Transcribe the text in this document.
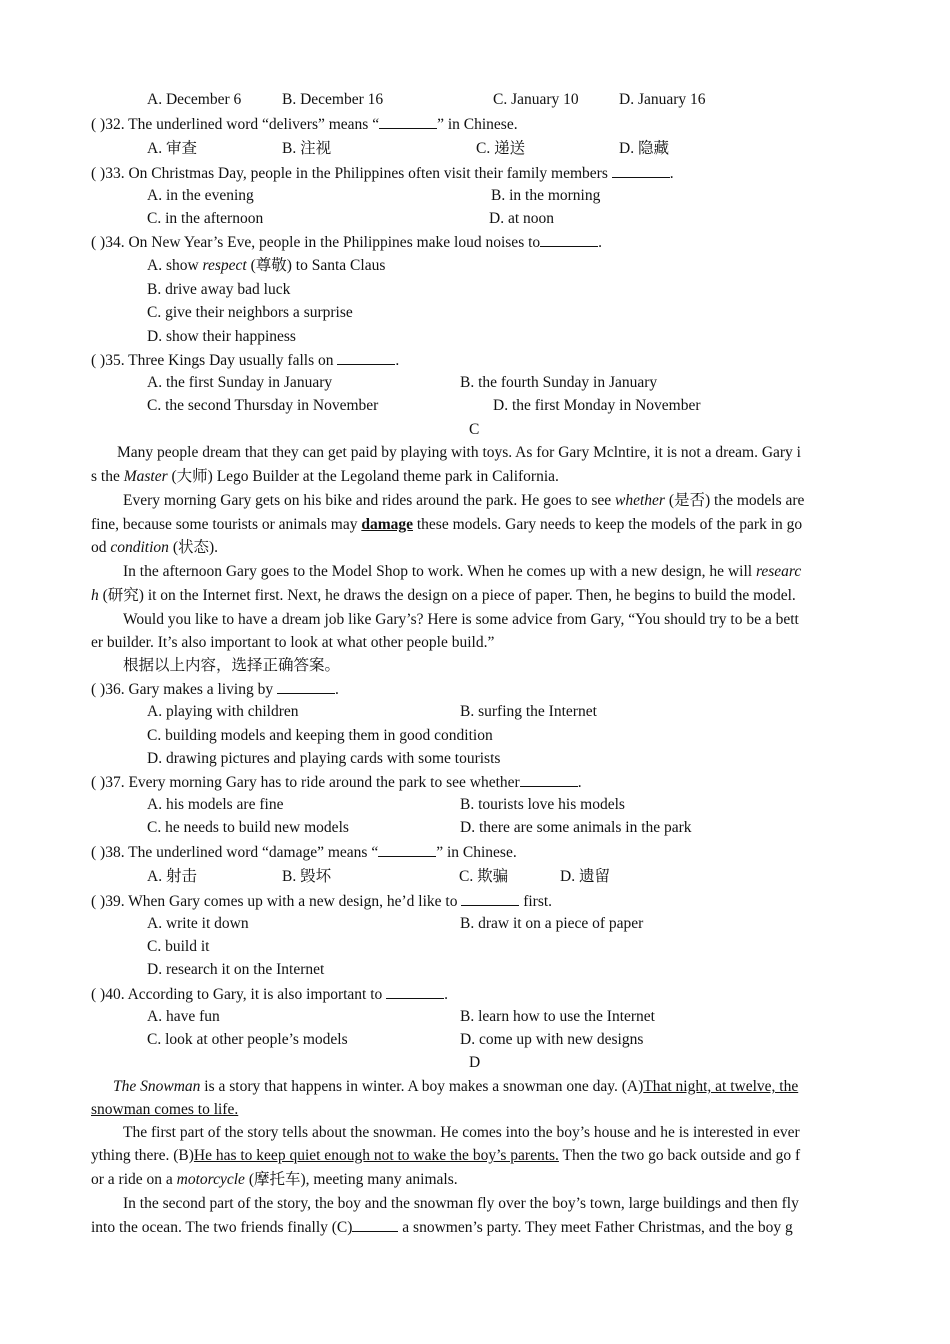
A. December 6	B. December 16	C. January 10	D. January 16
( )32. The underlined word “delivers” means “	” in Chinese.
A. 审查	B. 注视	C. 递送	D. 隐藏
( )33. On Christmas Day, people in the Philippines often visit their family members	.
A. in the evening	B. in the morning
C. in the afternoon	D. at noon
( )34. On New Year’s Eve, people in the Philippines make loud noises to	.
A. show respect (尊敬) to Santa Claus
B. drive away bad luck
C. give their neighbors a surprise
D. show their happiness
( )35. Three Kings Day usually falls on	.
A. the first Sunday in January	B. the fourth Sunday in January
C. the second Thursday in November	D. the first Monday in November
C
Many people dream that they can get paid by playing with toys. As for Gary Mclntire, it is not a dream. Gary i
s the Master (大师) Lego Builder at the Legoland theme park in California.
Every morning Gary gets on his bike and rides around the park. He goes to see whether (是否) the models are
fine, because some tourists or animals may damage these models. Gary needs to keep the models of the park in go
od condition (状态).
In the afternoon Gary goes to the Model Shop to work. When he comes up with a new design, he will researc
h (研究) it on the Internet first. Next, he draws the design on a piece of paper. Then, he begins to build the model.
Would you like to have a dream job like Gary’s? Here is some advice from Gary, “You should try to be a bett
er builder. It’s also important to look at what other people build.”
根据以上内容，选择正确答案。
( )36. Gary makes a living by	.
A. playing with children	B. surfing the Internet
C. building models and keeping them in good condition
D. drawing pictures and playing cards with some tourists
( )37. Every morning Gary has to ride around the park to see whether	.
A. his models are fine	B. tourists love his models
C. he needs to build new models	D. there are some animals in the park
( )38. The underlined word “damage” means “	” in Chinese.
A. 射击	B. 毁坏	C. 欺骗	D. 遗留
( )39. When Gary comes up with a new design, he’d like to	first.
A. write it down	B. draw it on a piece of paper
C. build it
D. research it on the Internet
( )40. According to Gary, it is also important to	.
A. have fun	B. learn how to use the Internet
C. look at other people’s models	D. come up with new designs
D
The Snowman is a story that happens in winter. A boy makes a snowman one day. (A)That night, at twelve, the
snowman comes to life.
The first part of the story tells about the snowman. He comes into the boy’s house and he is interested in ever
ything there. (B)He has to keep quiet enough not to wake the boy’s parents. Then the two go back outside and go f
or a ride on a motorcycle (摩托车), meeting many animals.
In the second part of the story, the boy and the snowman fly over the boy’s town, large buildings and then fly
into the ocean. The two friends finally (C)	a snowmen’s party. They meet Father Christmas, and the boy g
